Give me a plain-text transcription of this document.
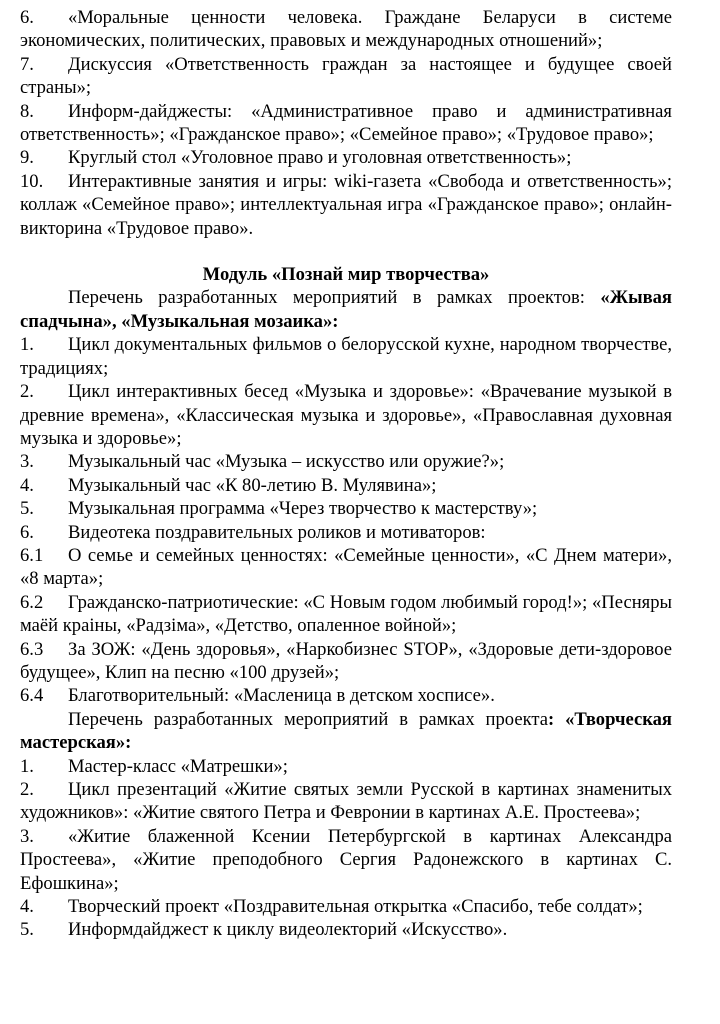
6. «Моральные ценности человека. Граждане Беларуси в системе экономических, политических, правовых и международных отношений»;

7. Дискуссия «Ответственность граждан за настоящее и будущее своей страны»;

8. Информ-дайджесты: «Административное право и административная ответственность»; «Гражданское право»; «Семейное право»; «Трудовое право»;

9. Круглый стол «Уголовное право и уголовная ответственность»;

10. Интерактивные занятия и игры: wiki-газета «Свобода и ответственность»; коллаж «Семейное право»; интеллектуальная игра «Гражданское право»; онлайн-викторина «Трудовое право».

Модуль «Познай мир творчества»

Перечень разработанных мероприятий в рамках проектов: «Жывая спадчына», «Музыкальная мозаика»:

1. Цикл документальных фильмов о белорусской кухне, народном творчестве, традициях;

2. Цикл интерактивных бесед «Музыка и здоровье»: «Врачевание музыкой в древние времена», «Классическая музыка и здоровье», «Православная духовная музыка и здоровье»;

3. Музыкальный час «Музыка – искусство или оружие?»;

4. Музыкальный час «К 80-летию В. Мулявина»;

5. Музыкальная программа «Через творчество к мастерству»;

6. Видеотека поздравительных роликов и мотиваторов:

6.1 О семье и семейных ценностях: «Семейные ценности», «С Днем матери», «8 марта»;

6.2 Гражданско-патриотические: «С Новым годом любимый город!»; «Песняры маёй краіны, «Радзіма», «Детство, опаленное войной»;

6.3 За ЗОЖ: «День здоровья», «Наркобизнес STOP», «Здоровые дети-здоровое будущее», Клип на песню «100 друзей»;

6.4 Благотворительный: «Масленица в детском хосписе».

Перечень разработанных мероприятий в рамках проекта: «Творческая мастерская»:

1. Мастер-класс «Матрешки»;

2. Цикл презентаций «Житие святых земли Русской в картинах знаменитых художников»: «Житие святого Петра и Февронии в картинах А.Е. Простеева»;

3. «Житие блаженной Ксении Петербургской в картинах Александра Простеева», «Житие преподобного Сергия Радонежского в картинах С. Ефошкина»;

4. Творческий проект «Поздравительная открытка «Спасибо, тебе солдат»;

5. Информдайджест к циклу видеолекторий «Искусство».
